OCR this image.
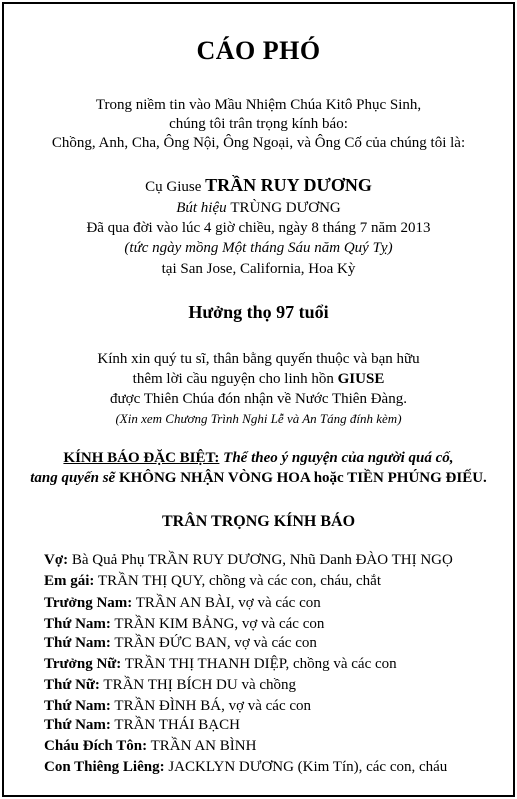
CÁO PHÓ
Trong niềm tin vào Mầu Nhiệm Chúa Kitô Phục Sinh,
chúng tôi trân trọng kính báo:
Chồng, Anh, Cha, Ông Nội, Ông Ngoại, và Ông Cố của chúng tôi là:
Cụ Giuse TRẦN RUY DƯƠNG
Bút hiệu TRÙNG DƯƠNG
Đã qua đời vào lúc 4 giờ chiều, ngày 8 tháng 7 năm 2013
(tức ngày mồng Một tháng Sáu năm Quý Tỵ)
tại San Jose, California, Hoa Kỳ
Hưởng thọ 97 tuổi
Kính xin quý tu sĩ, thân bằng quyến thuộc và bạn hữu
thêm lời cầu nguyện cho linh hồn GIUSE
được Thiên Chúa đón nhận về Nước Thiên Đàng.
(Xin xem Chương Trình Nghi Lễ và An Táng đính kèm)
KÍNH BÁO ĐẶC BIỆT: Thể theo ý nguyện của người quá cố,
tang quyến sẽ KHÔNG NHẬN VÒNG HOA hoặc TIỀN PHÚNG ĐIẾU.
TRÂN TRỌNG KÍNH BÁO
Vợ: Bà Quả Phụ TRẦN RUY DƯƠNG, Nhũ Danh ĐÀO THỊ NGỌ
Em gái: TRẦN THỊ QUY, chồng và các con, cháu, chắt
Trưởng Nam: TRẦN AN BÀI, vợ và các con
Thứ Nam: TRẦN KIM BẢNG, vợ và các con
Thứ Nam: TRẦN ĐỨC BAN, vợ và các con
Trưởng Nữ: TRẦN THỊ THANH DIỆP, chồng và các con
Thứ Nữ: TRẦN THỊ BÍCH DU và chồng
Thứ Nam: TRẦN ĐÌNH BÁ, vợ và các con
Thứ Nam: TRẦN THÁI BẠCH
Cháu Đích Tôn: TRẦN AN BÌNH
Con Thiêng Liêng: JACKLYN DƯƠNG (Kim Tín), các con, cháu
